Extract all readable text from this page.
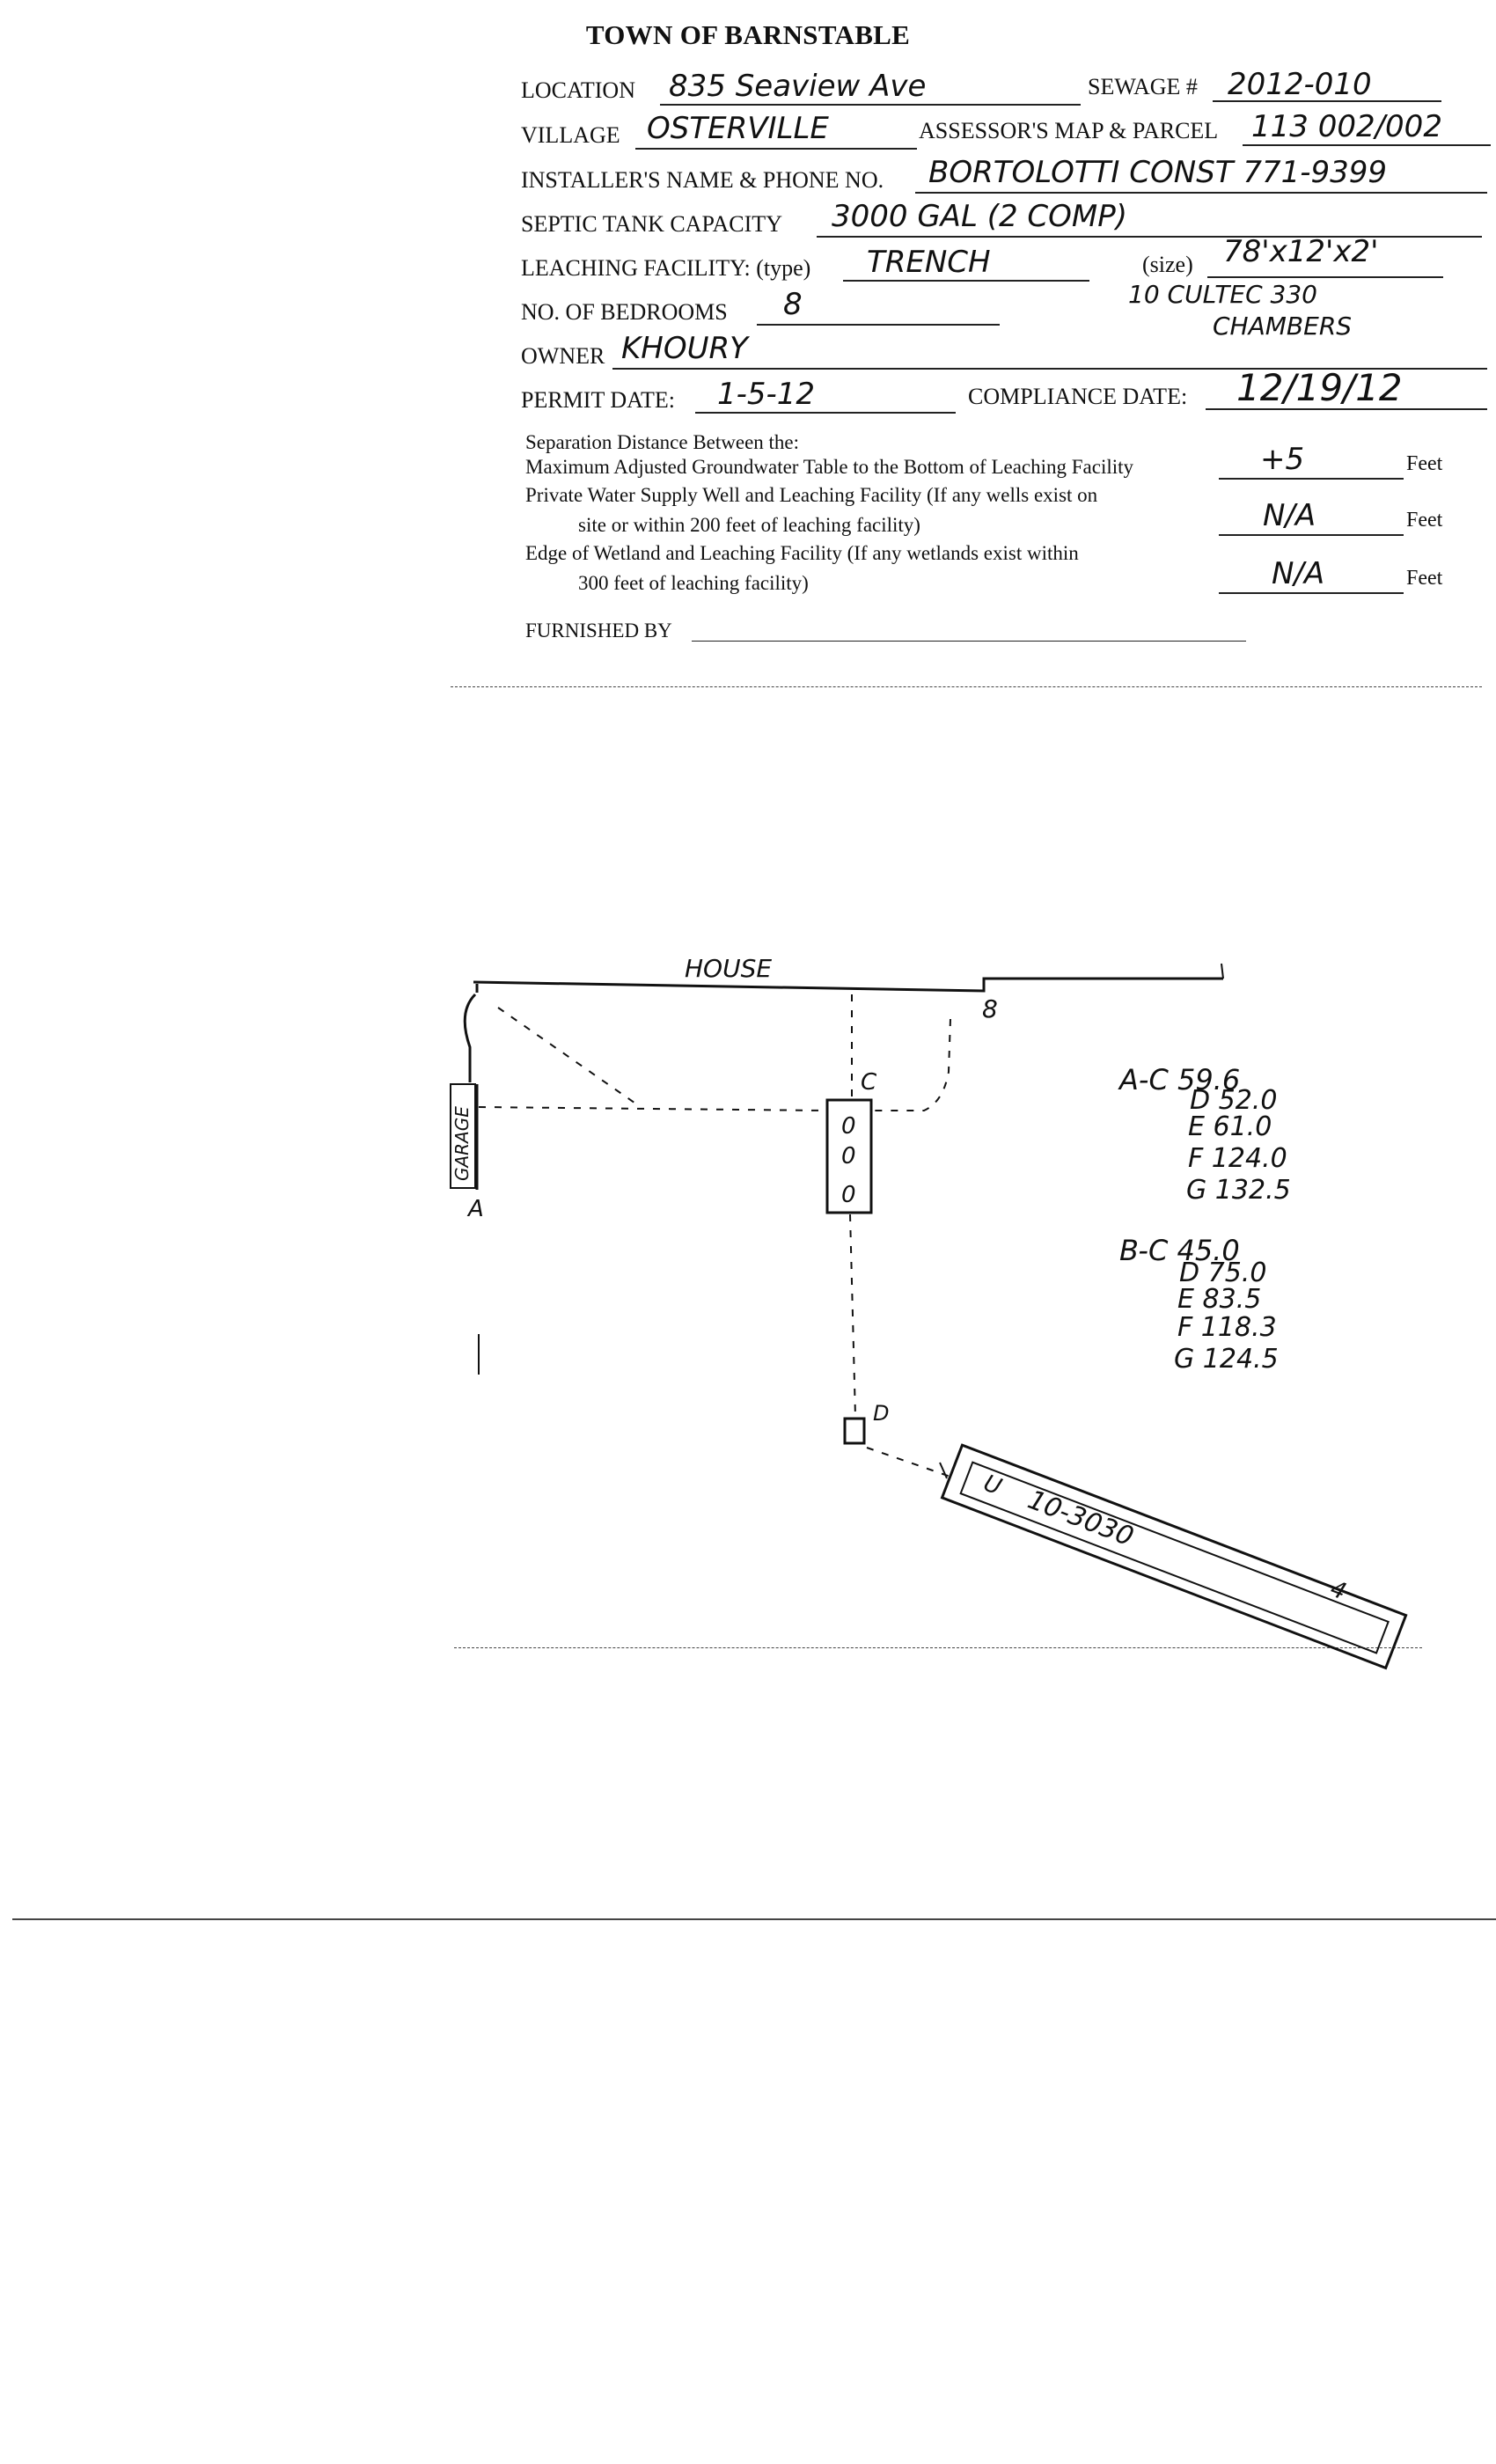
TOWN OF BARNSTABLE
LOCATION 835 Seaview Ave	SEWAGE # 2012-010
VILLAGE OSTERVILLE	ASSESSOR'S MAP & PARCEL 113 002/002
INSTALLER'S NAME & PHONE NO. BORTOLOTTI CONST 771-9399
SEPTIC TANK CAPACITY 3000 GAL (2 COMP)
LEACHING FACILITY: (type) TRENCH	(size) 78'x12'x2'
NO. OF BEDROOMS 8	10 CULTEC 330
CHAMBERS
OWNER KHOURY
PERMIT DATE: 1-5-12	COMPLIANCE DATE: 12/19/12
Separation Distance Between the:
Maximum Adjusted Groundwater Table to the Bottom of Leaching Facility	+5	Feet
Private Water Supply Well and Leaching Facility (If any wells exist on
site or within 200 feet of leaching facility)	N/A	Feet
Edge of Wetland and Leaching Facility (If any wetlands exist within
300 feet of leaching facility)	N/A	Feet
FURNISHED BY
0
0
0
HOUSE
GARAGE
A
8
C
D
10-3030
U
4
A-C 59.6
D 52.0
E 61.0
F 124.0
G 132.5
B-C 45.0
D 75.0
E 83.5
F 118.3
G 124.5
